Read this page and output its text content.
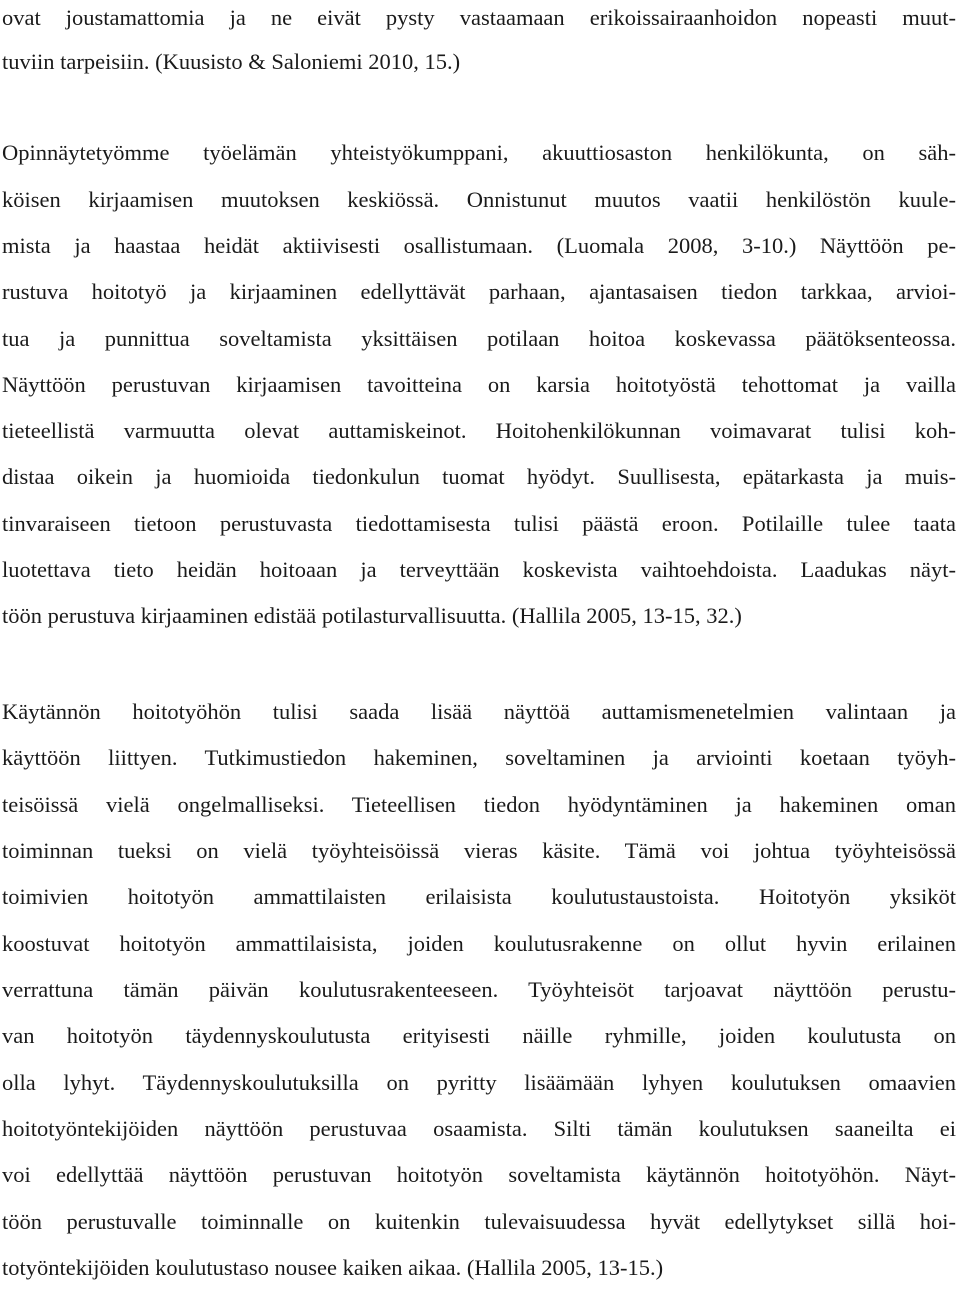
ovat joustamattomia ja ne eivät pysty vastaamaan erikoissairaanhoidon nopeasti muut-
tuviin tarpeisiin. (Kuusisto & Saloniemi 2010, 15.)
Opinnäytetyömme työelämän yhteistyökumppani, akuuttiosaston henkilökunta, on säh-
köisen kirjaamisen muutoksen keskiössä. Onnistunut muutos vaatii henkilöstön kuule-
mista ja haastaa heidät aktiivisesti osallistumaan. (Luomala 2008, 3-10.) Näyttöön pe-
rustuva hoitotyö ja kirjaaminen edellyttävät parhaan, ajantasaisen tiedon tarkkaa, arvioi-
tua ja punnittua soveltamista yksittäisen potilaan hoitoa koskevassa päätöksenteossa.
Näyttöön perustuvan kirjaamisen tavoitteina on karsia hoitotyöstä tehottomat ja vailla
tieteellistä varmuutta olevat auttamiskeinot. Hoitohenkilökunnan voimavarat tulisi koh-
distaa oikein ja huomioida tiedonkulun tuomat hyödyt. Suullisesta, epätarkasta ja muis-
tinvaraiseen tietoon perustuvasta tiedottamisesta tulisi päästä eroon. Potilaille tulee taata
luotettava tieto heidän hoitoaan ja terveyttään koskevista vaihtoehdoista. Laadukas näyt-
töön perustuva kirjaaminen edistää potilasturvallisuutta. (Hallila 2005, 13-15, 32.)
Käytännön hoitotyöhön tulisi saada lisää näyttöä auttamismenetelmien valintaan ja
käyttöön liittyen. Tutkimustiedon hakeminen, soveltaminen ja arviointi koetaan työyh-
teisöissä vielä ongelmalliseksi. Tieteellisen tiedon hyödyntäminen ja hakeminen oman
toiminnan tueksi on vielä työyhteisöissä vieras käsite. Tämä voi johtua työyhteisössä
toimivien hoitotyön ammattilaisten erilaisista koulutustaustoista. Hoitotyön yksiköt
koostuvat hoitotyön ammattilaisista, joiden koulutusrakenne on ollut hyvin erilainen
verrattuna tämän päivän koulutusrakenteeseen. Työyhteisöt tarjoavat näyttöön perustu-
van hoitotyön täydennyskoulutusta erityisesti näille ryhmille, joiden koulutusta on
olla lyhyt. Täydennyskoulutuksilla on pyritty lisäämään lyhyen koulutuksen omaavien
hoitotyöntekijöiden näyttöön perustuvaa osaamista. Silti tämän koulutuksen saaneilta ei
voi edellyttää näyttöön perustuvan hoitotyön soveltamista käytännön hoitotyöhön. Näyt-
töön perustuvalle toiminnalle on kuitenkin tulevaisuudessa hyvät edellytykset sillä hoi-
totyöntekijöiden koulutustaso nousee kaiken aikaa. (Hallila 2005, 13-15.)
